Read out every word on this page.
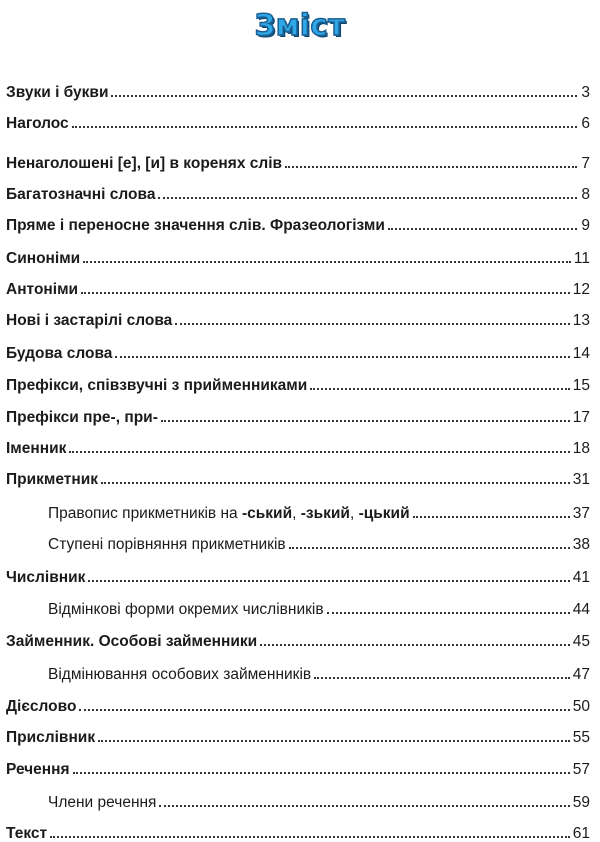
Зміст
Звуки і букви	3
Наголос	6
Ненаголошені [е], [и] в коренях слів	7
Багатозначні слова	8
Пряме і переносне значення слів. Фразеологізми	9
Синоніми	11
Антоніми	12
Нові і застарілі слова	13
Будова слова	14
Префікси, співзвучні з прийменниками	15
Префікси пре-, при-	17
Іменник	18
Прикметник	31
Правопис прикметників на -ський, -зький, -цький	37
Ступені порівняння прикметників	38
Числівник	41
Відмінкові форми окремих числівників	44
Займенник. Особові займенники	45
Відмінювання особових займенників	47
Дієслово	50
Прислівник	55
Речення	57
Члени речення	59
Текст	61
